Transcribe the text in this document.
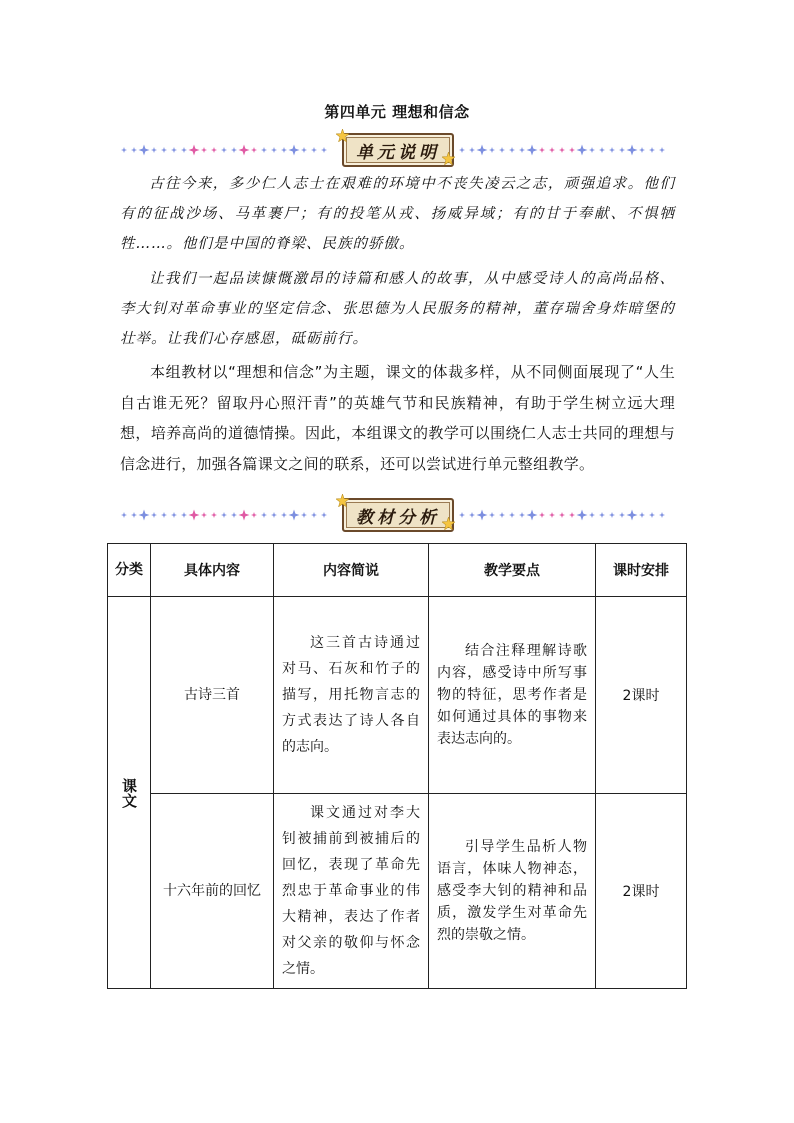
第四单元 理想和信念
单元说明

古往今来，多少仁人志士在艰难的环境中不丧失凌云之志，顽强追求。他们有的征战沙场、马革裹尸；有的投笔从戎、扬威异域；有的甘于奉献、不惧牺牲……。他们是中国的脊梁、民族的骄傲。

让我们一起品读慷慨激昂的诗篇和感人的故事，从中感受诗人的高尚品格、李大钊对革命事业的坚定信念、张思德为人民服务的精神，董存瑞舍身炸暗堡的壮举。让我们心存感恩，砥砺前行。

本组教材以“理想和信念”为主题，课文的体裁多样，从不同侧面展现了“人生自古谁无死？留取丹心照汗青”的英雄气节和民族精神，有助于学生树立远大理想，培养高尚的道德情操。因此，本组课文的教学可以围绕仁人志士共同的理想与信念进行，加强各篇课文之间的联系，还可以尝试进行单元整组教学。

教材分析
分类	具体内容	内容简说	教学要点	课时安排
课文	古诗三首	这三首古诗通过对马、石灰和竹子的描写，用托物言志的方式表达了诗人各自的志向。	结合注释理解诗歌内容，感受诗中所写事物的特征，思考作者是如何通过具体的事物来表达志向的。	2课时
	十六年前的回忆	课文通过对李大钊被捕前到被捕后的回忆，表现了革命先烈忠于革命事业的伟大精神，表达了作者对父亲的敬仰与怀念之情。	引导学生品析人物语言，体味人物神态，感受李大钊的精神和品质，激发学生对革命先烈的崇敬之情。	2课时
